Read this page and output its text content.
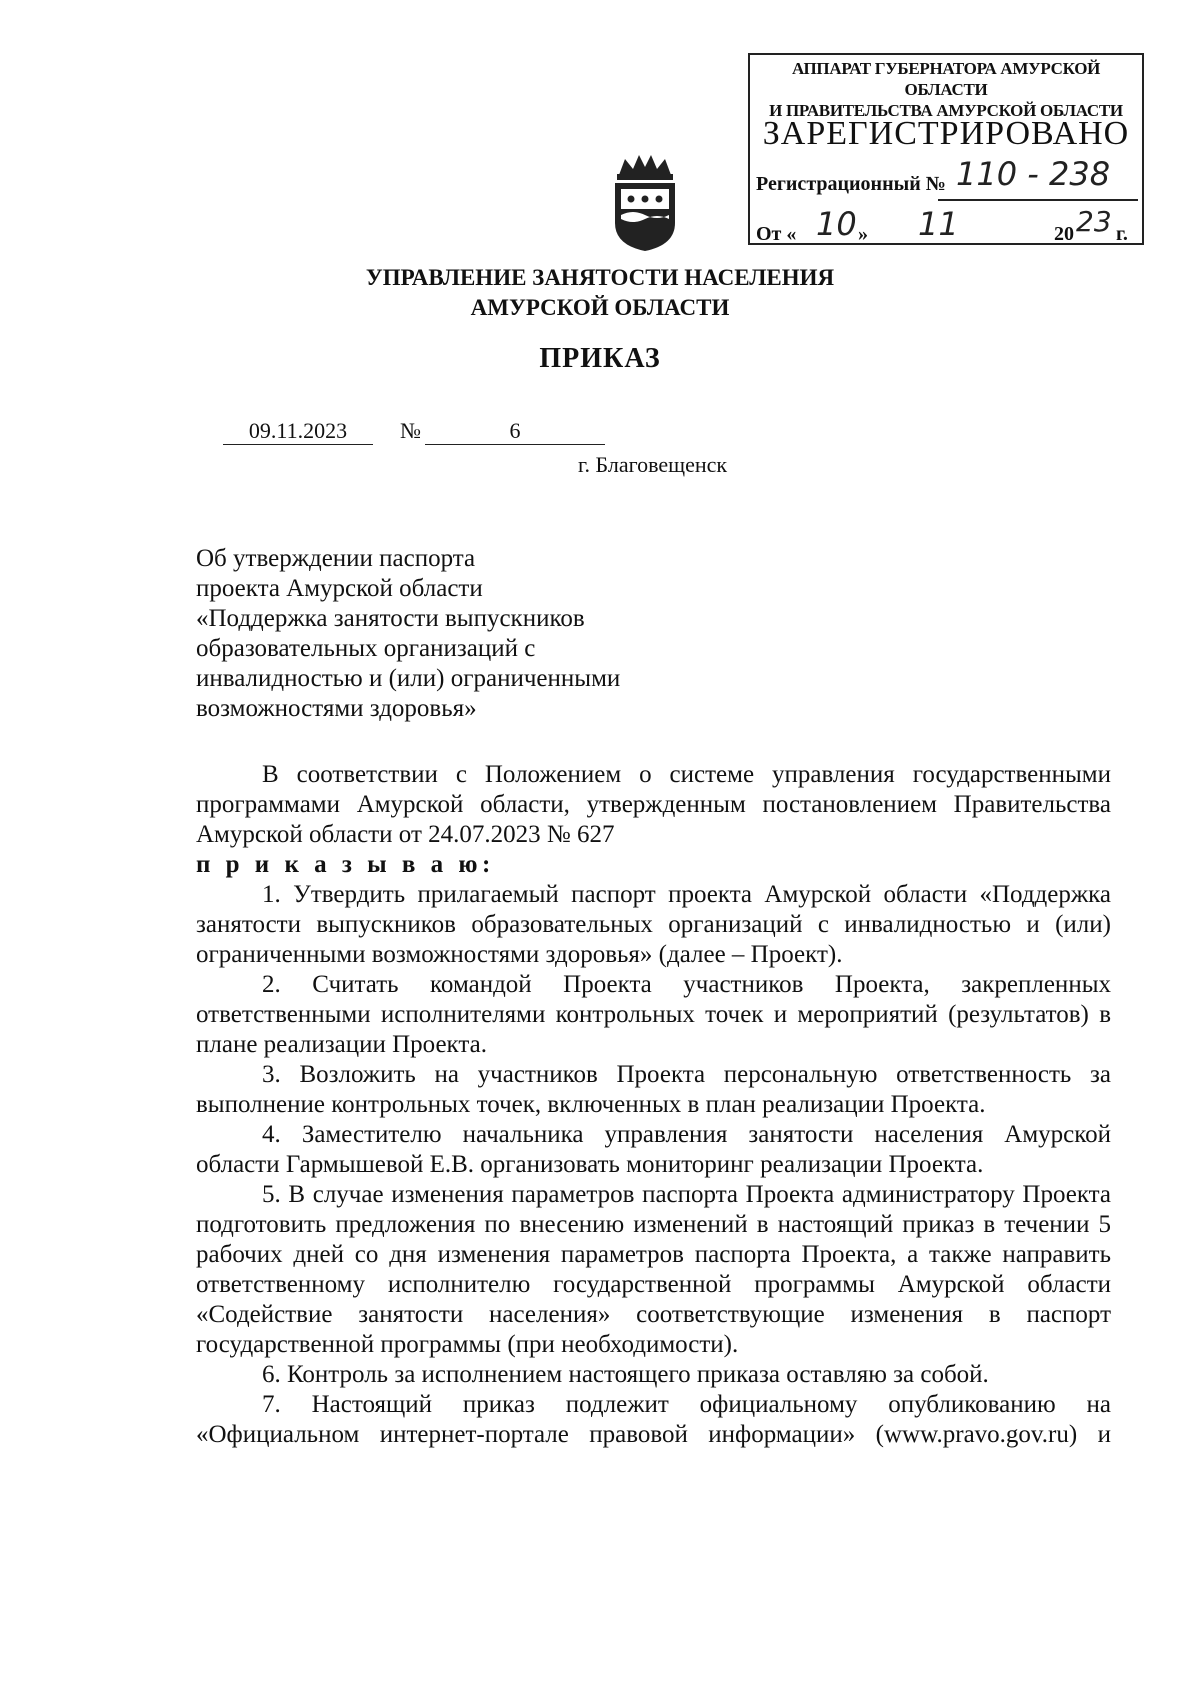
АППАРАТ ГУБЕРНАТОРА АМУРСКОЙ ОБЛАСТИ
И ПРАВИТЕЛЬСТВА АМУРСКОЙ ОБЛАСТИ
ЗАРЕГИСТРИРОВАНО
Регистрационный № 110 - 238
От « 10 » 11	20 23 г.
УПРАВЛЕНИЕ ЗАНЯТОСТИ НАСЕЛЕНИЯ
АМУРСКОЙ ОБЛАСТИ
ПРИКАЗ
09.11.2023	№	6
г. Благовещенск
Об утверждении паспорта
проекта Амурской области
«Поддержка занятости выпускников
образовательных организаций с
инвалидностью и (или) ограниченными
возможностями здоровья»

В соответствии с Положением о системе управления государственными программами Амурской области, утвержденным постановлением Правительства Амурской области от 24.07.2023 № 627

п р и к а з ы в а ю:

1. Утвердить прилагаемый паспорт проекта Амурской области «Поддержка занятости выпускников образовательных организаций с инвалидностью и (или) ограниченными возможностями здоровья» (далее – Проект).

2. Считать командой Проекта участников Проекта, закрепленных ответственными исполнителями контрольных точек и мероприятий (результатов) в плане реализации Проекта.

3. Возложить на участников Проекта персональную ответственность за выполнение контрольных точек, включенных в план реализации Проекта.

4. Заместителю начальника управления занятости населения Амурской области Гармышевой Е.В. организовать мониторинг реализации Проекта.

5. В случае изменения параметров паспорта Проекта администратору Проекта подготовить предложения по внесению изменений в настоящий приказ в течении 5 рабочих дней со дня изменения параметров паспорта Проекта, а также направить ответственному исполнителю государственной программы Амурской области «Содействие занятости населения» соответствующие изменения в паспорт государственной программы (при необходимости).

6. Контроль за исполнением настоящего приказа оставляю за собой.

7. Настоящий приказ подлежит официальному опубликованию на «Официальном интернет-портале правовой информации» (www.pravo.gov.ru) и
